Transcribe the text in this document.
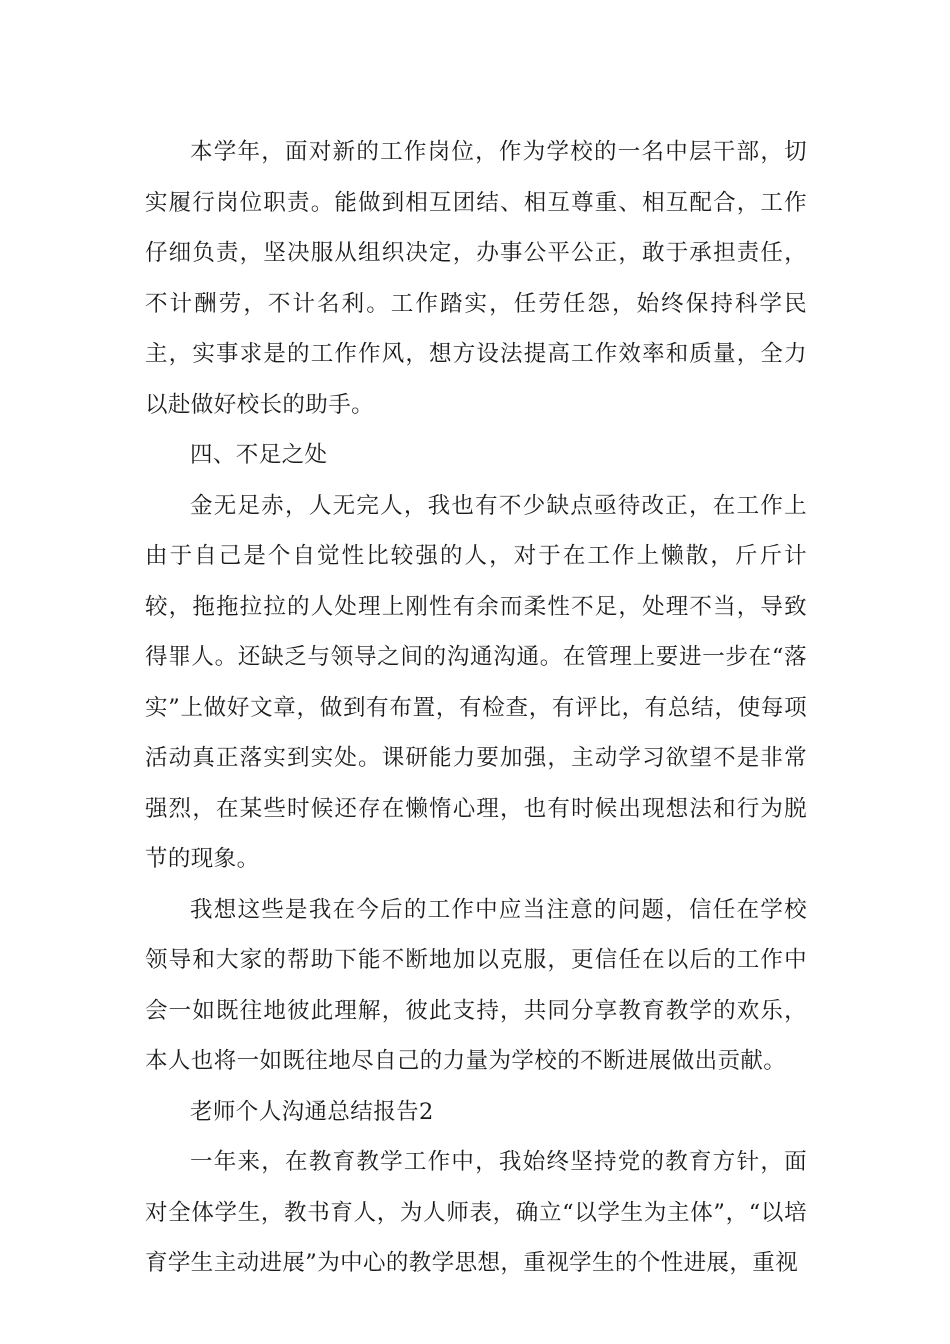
本学年，面对新的工作岗位，作为学校的一名中层干部，切实履行岗位职责。能做到相互团结、相互尊重、相互配合，工作仔细负责，坚决服从组织决定，办事公平公正，敢于承担责任，不计酬劳，不计名利。工作踏实，任劳任怨，始终保持科学民主，实事求是的工作作风，想方设法提高工作效率和质量，全力以赴做好校长的助手。

四、不足之处

金无足赤，人无完人，我也有不少缺点亟待改正，在工作上由于自己是个自觉性比较强的人，对于在工作上懒散，斤斤计较，拖拖拉拉的人处理上刚性有余而柔性不足，处理不当，导致得罪人。还缺乏与领导之间的沟通沟通。在管理上要进一步在“落实”上做好文章，做到有布置，有检查，有评比，有总结，使每项活动真正落实到实处。课研能力要加强，主动学习欲望不是非常强烈，在某些时候还存在懒惰心理，也有时候出现想法和行为脱节的现象。

我想这些是我在今后的工作中应当注意的问题，信任在学校领导和大家的帮助下能不断地加以克服，更信任在以后的工作中会一如既往地彼此理解，彼此支持，共同分享教育教学的欢乐，本人也将一如既往地尽自己的力量为学校的不断进展做出贡献。

老师个人沟通总结报告2

一年来，在教育教学工作中，我始终坚持党的教育方针，面对全体学生，教书育人，为人师表，确立“以学生为主体”，“以培育学生主动进展”为中心的教学思想，重视学生的个性进展，重视
